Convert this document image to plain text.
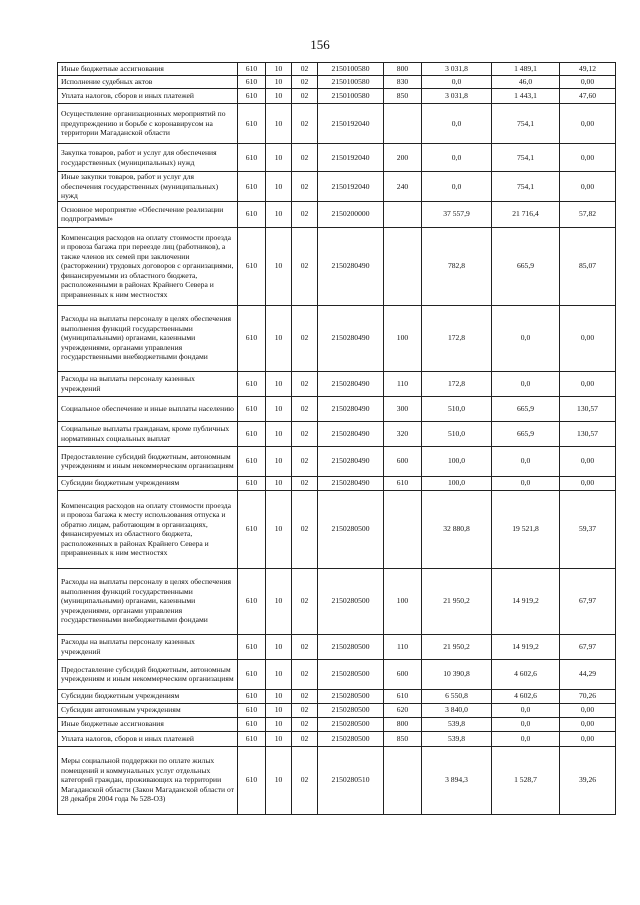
156
Иные бюджетные ассигнования	610	10	02	2150100580	800	3 031,8	1 489,1	49,12
Исполнение судебных актов	610	10	02	2150100580	830	0,0	46,0	0,00
Уплата налогов, сборов и иных платежей	610	10	02	2150100580	850	3 031,8	1 443,1	47,60
Осуществление организационных мероприятий по предупреждению и борьбе с коронавирусом на территории Магаданской области	610	10	02	2150192040		0,0	754,1	0,00
Закупка товаров, работ и услуг для обеспечения государственных (муниципальных) нужд	610	10	02	2150192040	200	0,0	754,1	0,00
Иные закупки товаров, работ и услуг для обеспечения государственных (муниципальных) нужд	610	10	02	2150192040	240	0,0	754,1	0,00
Основное мероприятие «Обеспечение реализации подпрограммы»	610	10	02	2150200000		37 557,9	21 716,4	57,82
Компенсация расходов на оплату стоимости проезда и провоза багажа при переезде лиц (работников), а также членов их семей при заключении (расторжении) трудовых договоров с организациями, финансируемыми из областного бюджета, расположенными в районах Крайнего Севера и приравненных к ним местностях	610	10	02	2150280490		782,8	665,9	85,07
Расходы на выплаты персоналу в целях обеспечения выполнения функций государственными (муниципальными) органами, казенными учреждениями, органами управления государственными внебюджетными фондами	610	10	02	2150280490	100	172,8	0,0	0,00
Расходы на выплаты персоналу казенных учреждений	610	10	02	2150280490	110	172,8	0,0	0,00
Социальное обеспечение и иные выплаты населению	610	10	02	2150280490	300	510,0	665,9	130,57
Социальные выплаты гражданам, кроме публичных нормативных социальных выплат	610	10	02	2150280490	320	510,0	665,9	130,57
Предоставление субсидий бюджетным, автономным учреждениям и иным некоммерческим организациям	610	10	02	2150280490	600	100,0	0,0	0,00
Субсидии бюджетным учреждениям	610	10	02	2150280490	610	100,0	0,0	0,00
Компенсация расходов на оплату стоимости проезда и провоза багажа к месту использования отпуска и обратно лицам, работающим в организациях, финансируемых из областного бюджета, расположенных в районах Крайнего Севера и приравненных к ним местностях	610	10	02	2150280500		32 880,8	19 521,8	59,37
Расходы на выплаты персоналу в целях обеспечения выполнения функций государственными (муниципальными) органами, казенными учреждениями, органами управления государственными внебюджетными фондами	610	10	02	2150280500	100	21 950,2	14 919,2	67,97
Расходы на выплаты персоналу казенных учреждений	610	10	02	2150280500	110	21 950,2	14 919,2	67,97
Предоставление субсидий бюджетным, автономным учреждениям и иным некоммерческим организациям	610	10	02	2150280500	600	10 390,8	4 602,6	44,29
Субсидии бюджетным учреждениям	610	10	02	2150280500	610	6 550,8	4 602,6	70,26
Субсидии автономным учреждениям	610	10	02	2150280500	620	3 840,0	0,0	0,00
Иные бюджетные ассигнования	610	10	02	2150280500	800	539,8	0,0	0,00
Уплата налогов, сборов и иных платежей	610	10	02	2150280500	850	539,8	0,0	0,00
Меры социальной поддержки по оплате жилых помещений и коммунальных услуг отдельных категорий граждан, проживающих на территории Магаданской области (Закон Магаданской области от 28 декабря 2004 года № 528-ОЗ)	610	10	02	2150280510		3 894,3	1 528,7	39,26
